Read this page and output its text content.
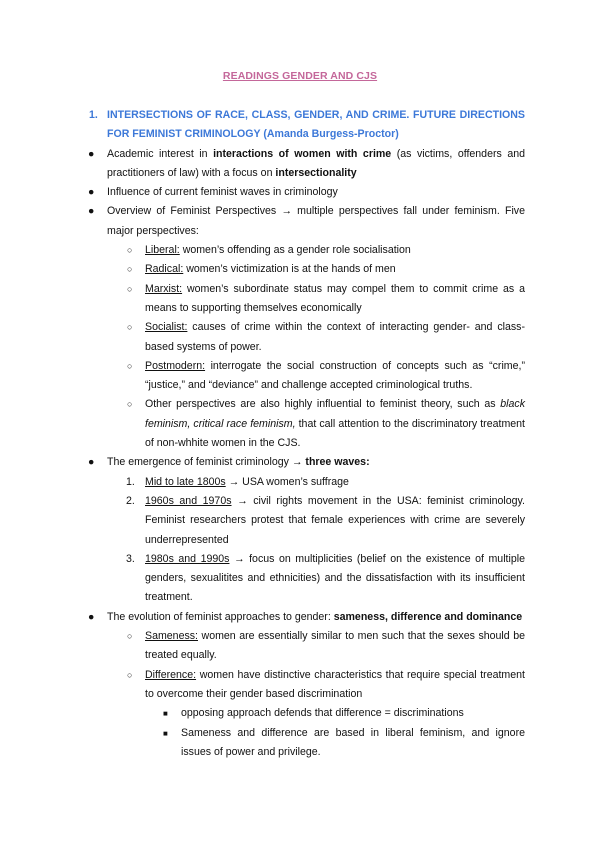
READINGS GENDER AND CJS
1. INTERSECTIONS OF RACE, CLASS, GENDER, AND CRIME. FUTURE DIRECTIONS FOR FEMINIST CRIMINOLOGY (Amanda Burgess-Proctor)
● Academic interest in interactions of women with crime (as victims, offenders and practitioners of law) with a focus on intersectionality
● Influence of current feminist waves in criminology
● Overview of Feminist Perspectives → multiple perspectives fall under feminism. Five major perspectives:
○ Liberal: women’s offending as a gender role socialisation
○ Radical: women’s victimization is at the hands of men
○ Marxist: women’s subordinate status may compel them to commit crime as a means to supporting themselves economically
○ Socialist: causes of crime within the context of interacting gender- and class-based systems of power.
○ Postmodern: interrogate the social construction of concepts such as “crime,” “justice,” and “deviance” and challenge accepted criminological truths.
○ Other perspectives are also highly influential to feminist theory, such as black feminism, critical race feminism, that call attention to the discriminatory treatment of non-whhite women in the CJS.
● The emergence of feminist criminology → three waves:
1. Mid to late 1800s → USA women’s suffrage
2. 1960s and 1970s → civil rights movement in the USA: feminist criminology. Feminist researchers protest that female experiences with crime are severely underrepresented
3. 1980s and 1990s → focus on multiplicities (belief on the existence of multiple genders, sexualitites and ethnicities) and the dissatisfaction with its insufficient treatment.
● The evolution of feminist approaches to gender: sameness, difference and dominance
○ Sameness: women are essentially similar to men such that the sexes should be treated equally.
○ Difference: women have distinctive characteristics that require special treatment to overcome their gender based discrimination
■ opposing approach defends that difference = discriminations
■ Sameness and difference are based in liberal feminism, and ignore issues of power and privilege.
